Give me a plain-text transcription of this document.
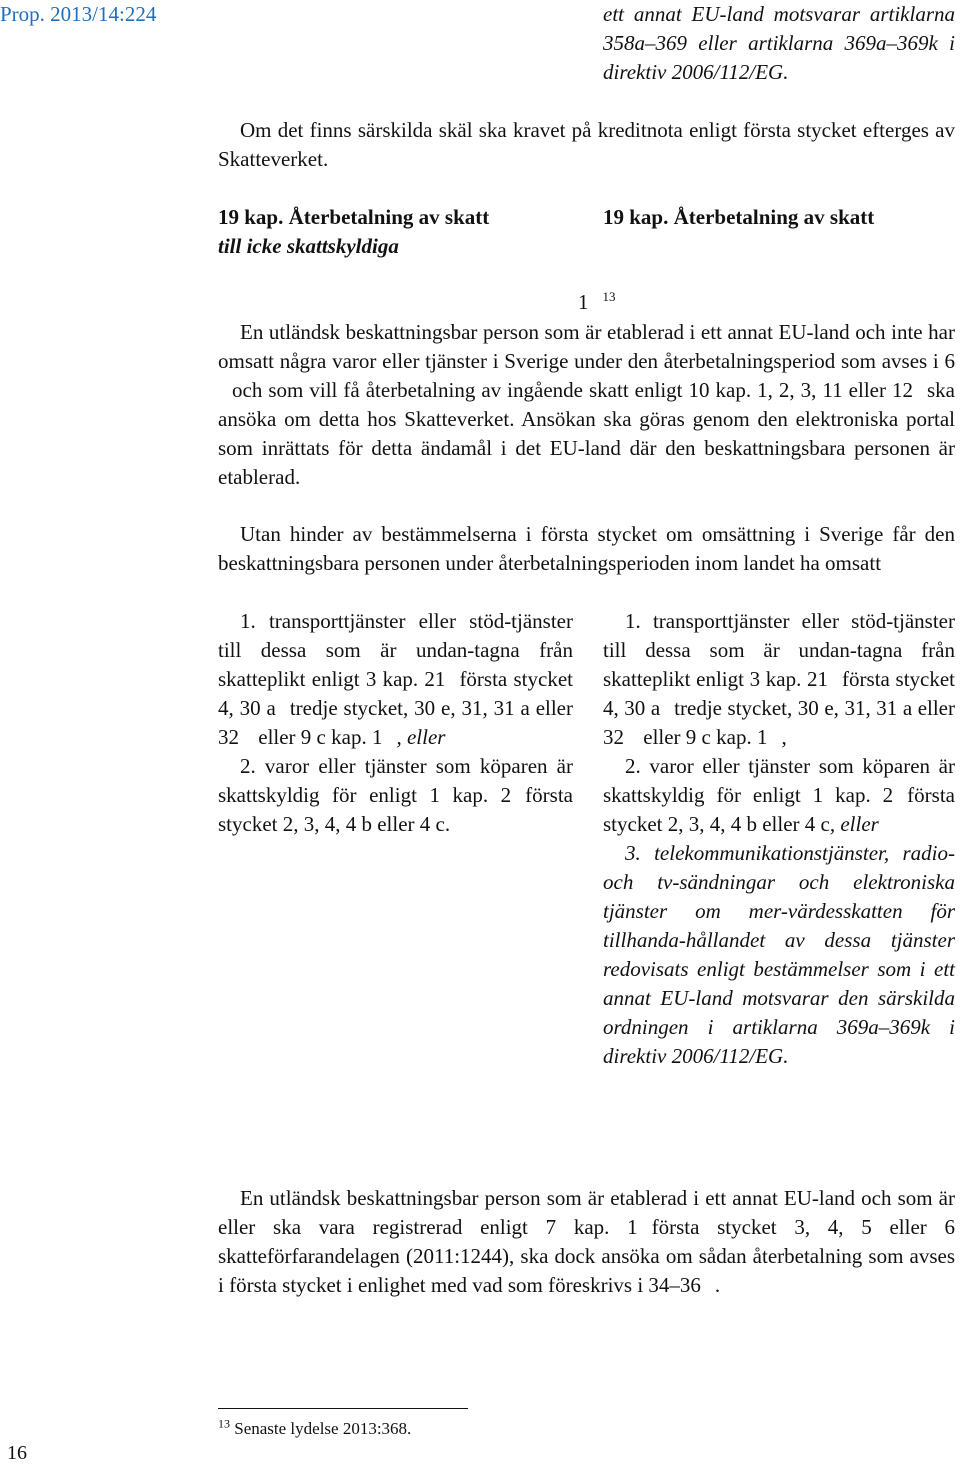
Prop. 2013/14:224	ett annat EU-land motsvarar artiklarna 358a–369 eller artiklarna 369a–369k i direktiv 2006/112/EG.
Om det finns särskilda skäl ska kravet på kreditnota enligt första stycket efterges av Skatteverket.
19 kap. Återbetalning av skatt
till icke skattskyldiga
19 kap. Återbetalning av skatt
1 $^{13}$
En utländsk beskattningsbar person som är etablerad i ett annat EU-land och inte har omsatt några varor eller tjänster i Sverige under den återbetalningsperiod som avses i 6och som vill få återbetalning av ingående skatt enligt 10 kap. 1, 2, 3, 11 eller 12 ska ansöka om detta hos Skatteverket. Ansökan ska göras genom den elektroniska portal som inrättats för detta ändamål i det EU-land där den beskattningsbara personen är etablerad.
Utan hinder av bestämmelserna i första stycket om omsättning i Sverige får den beskattningsbara personen under återbetalningsperioden inom landet ha omsatt
1. transporttjänster eller stöd-tjänster till dessa som är undan-tagna från skatteplikt enligt 3 kap. 21 första stycket 4, 30 a tredje stycket, 30 e, 31, 31 a eller 32 eller 9 c kap. 1 , eller
2. varor eller tjänster som köparen är skattskyldig för enligt 1 kap. 2 första stycket 2, 3, 4, 4 b eller 4 c.
1. transporttjänster eller stöd-tjänster till dessa som är undan-tagna från skatteplikt enligt 3 kap. 21 första stycket 4, 30 a tredje stycket, 30 e, 31, 31 a eller 32 eller 9 c kap. 1 ,
2. varor eller tjänster som köparen är skattskyldig för enligt 1 kap. 2 första stycket 2, 3, 4, 4 b eller 4 c, eller
3. telekommunikationstjänster, radio- och tv-sändningar och elektroniska tjänster om mer-värdesskatten för tillhanda-hållandet av dessa tjänster redovisats enligt bestämmelser som i ett annat EU-land motsvarar den särskilda ordningen i artiklarna 369a–369k i direktiv 2006/112/EG.
En utländsk beskattningsbar person som är etablerad i ett annat EU-land och som är eller ska vara registrerad enligt 7 kap. 1 första stycket 3, 4, 5 eller 6 skatteförfarandelagen (2011:1244), ska dock ansöka om sådan återbetalning som avses i första stycket i enlighet med vad som föreskrivs i 34–36 .
$^{13}$ Senaste lydelse 2013:368.
16
